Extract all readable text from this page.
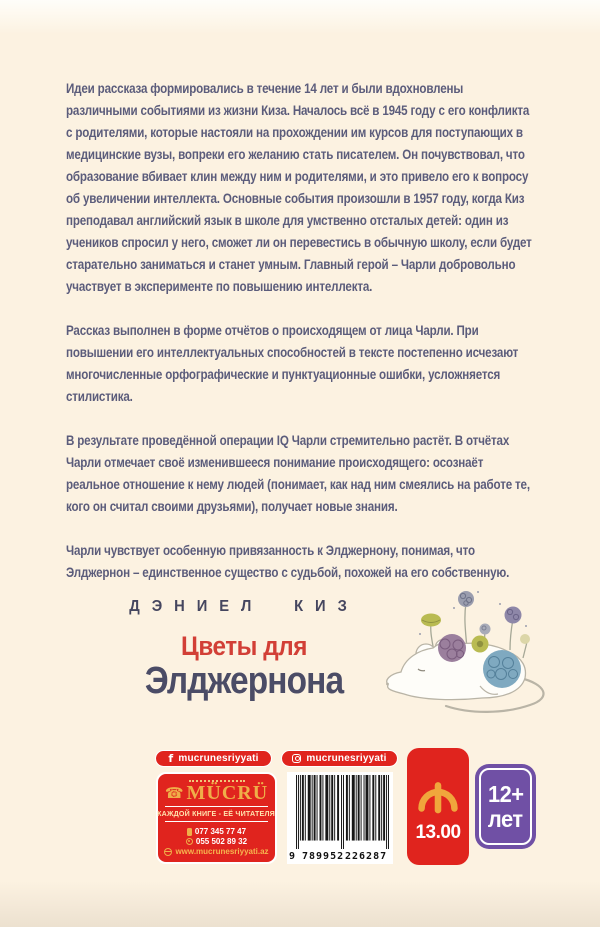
Идеи рассказа формировались в течение 14 лет и были вдохновлены различными событиями из жизни Киза. Началось всё в 1945 году с его конфликта с родителями, которые настояли на прохождении им курсов для поступающих в медицинские вузы, вопреки его желанию стать писателем. Он почувствовал, что образование вбивает клин между ним и родителями, и это привело его к вопросу об увеличении интеллекта. Основные события произошли в 1957 году, когда Киз преподавал английский язык в школе для умственно отсталых детей: один из учеников спросил у него, сможет ли он перевестись в обычную школу, если будет старательно заниматься и станет умным. Главный герой – Чарли добровольно участвует в эксперименте по повышению интеллекта.

Рассказ выполнен в форме отчётов о происходящем от лица Чарли. При повышении его интеллектуальных способностей в тексте постепенно исчезают многочисленные орфографические и пунктуационные ошибки, усложняется стилистика.

В результате проведённой операции IQ Чарли стремительно растёт. В отчётах Чарли отмечает своё изменившееся понимание происходящего: осознаёт реальное отношение к нему людей (понимает, как над ним смеялись на работе те, кого он считал своими друзьями), получает новые знания.

Чарли чувствует особенную привязанность к Элджернону, понимая, что Элджернон – единственное существо с судьбой, похожей на его собственную.

ДЭНИЕЛ КИЗ
Цветы для
Элджернона
f mucrunesriyyati	mucrunesriyyati
☎ MÜCRÜ
КАЖДОЙ КНИГЕ - ЕЁ ЧИТАТЕЛЯ
077 345 77 47
055 502 89 32
www.mucrunesriyyati.az 9 789952 226287
13.00
12+
лет
